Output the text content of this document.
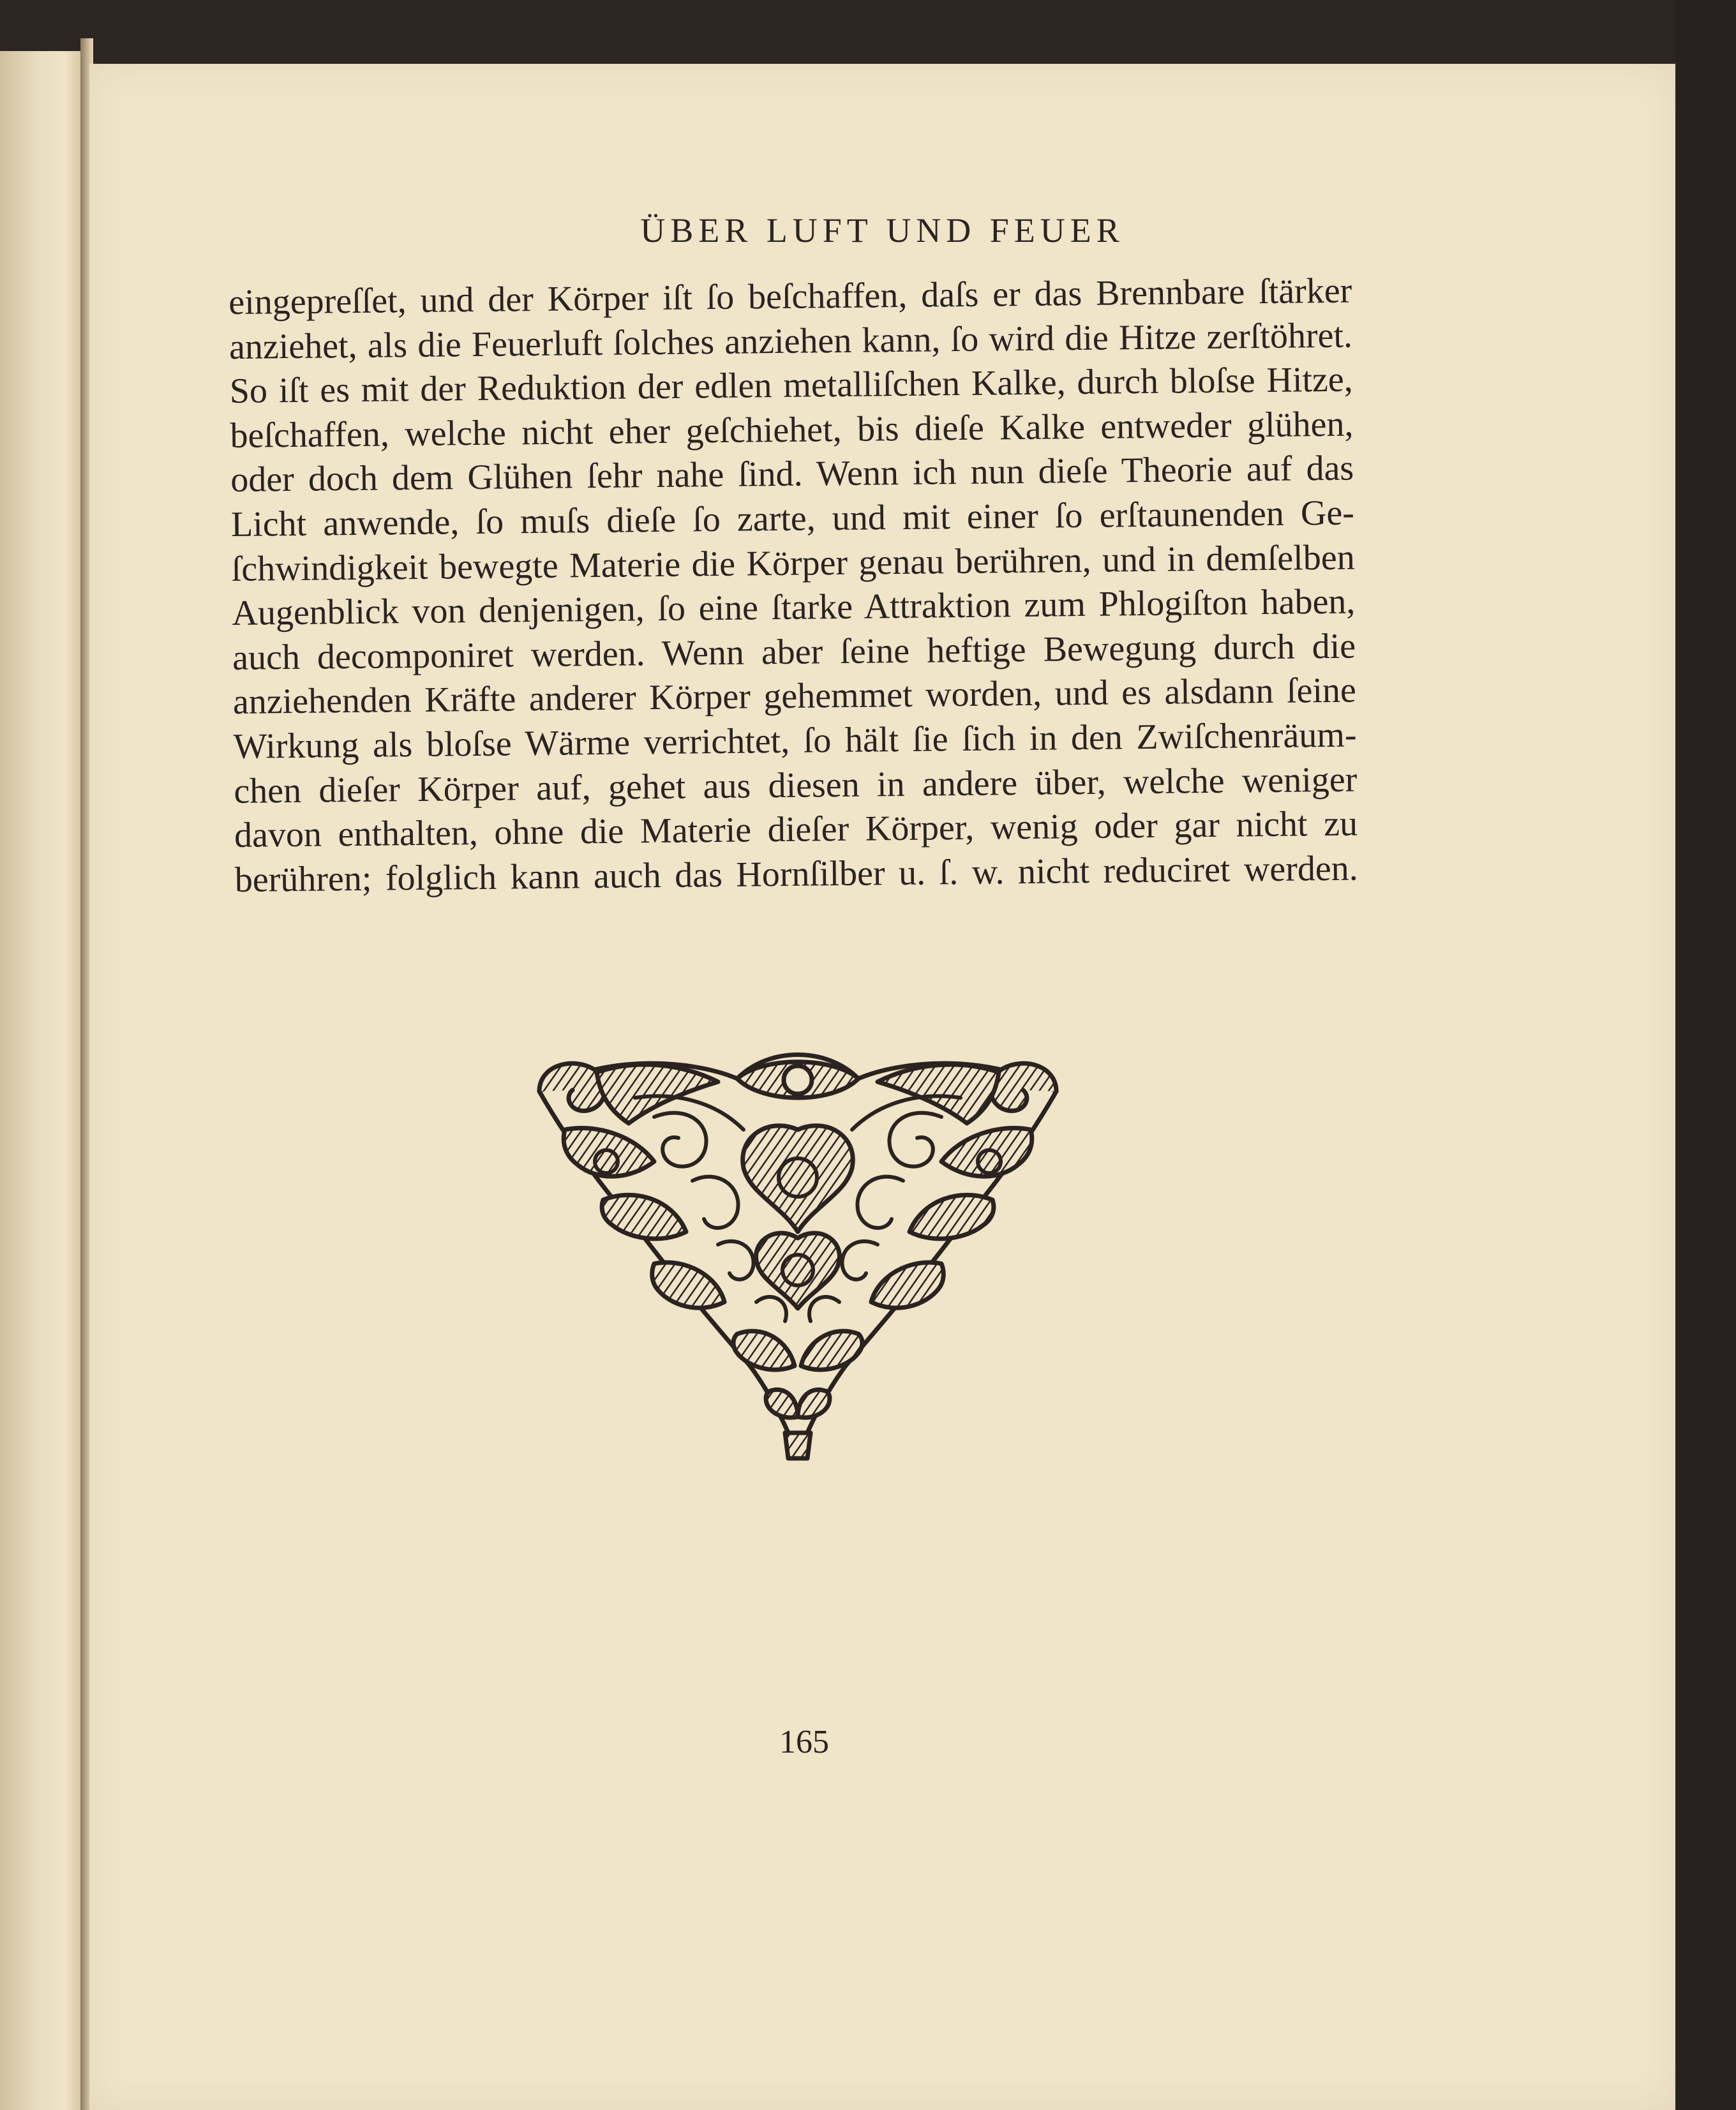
ÜBER LUFT UND FEUER
eingepreſſet, und der Körper iſt ſo beſchaffen, daſs er das Brennbare ſtärker
anziehet, als die Feuerluft ſolches anziehen kann, ſo wird die Hitze zerſtöhret.
So iſt es mit der Reduktion der edlen metalliſchen Kalke, durch bloſse Hitze,
beſchaffen, welche nicht eher geſchiehet, bis dieſe Kalke entweder glühen,
oder doch dem Glühen ſehr nahe ſind. Wenn ich nun dieſe Theorie auf das
Licht anwende, ſo muſs dieſe ſo zarte, und mit einer ſo erſtaunenden Ge-
ſchwindigkeit bewegte Materie die Körper genau berühren, und in demſelben
Augenblick von denjenigen, ſo eine ſtarke Attraktion zum Phlogiſton haben,
auch decomponiret werden. Wenn aber ſeine heftige Bewegung durch die
anziehenden Kräfte anderer Körper gehemmet worden, und es alsdann ſeine
Wirkung als bloſse Wärme verrichtet, ſo hält ſie ſich in den Zwiſchenräum-
chen dieſer Körper auf, gehet aus diesen in andere über, welche weniger
davon enthalten, ohne die Materie dieſer Körper, wenig oder gar nicht zu
berühren; folglich kann auch das Hornſilber u. ſ. w. nicht reduciret werden.
165
